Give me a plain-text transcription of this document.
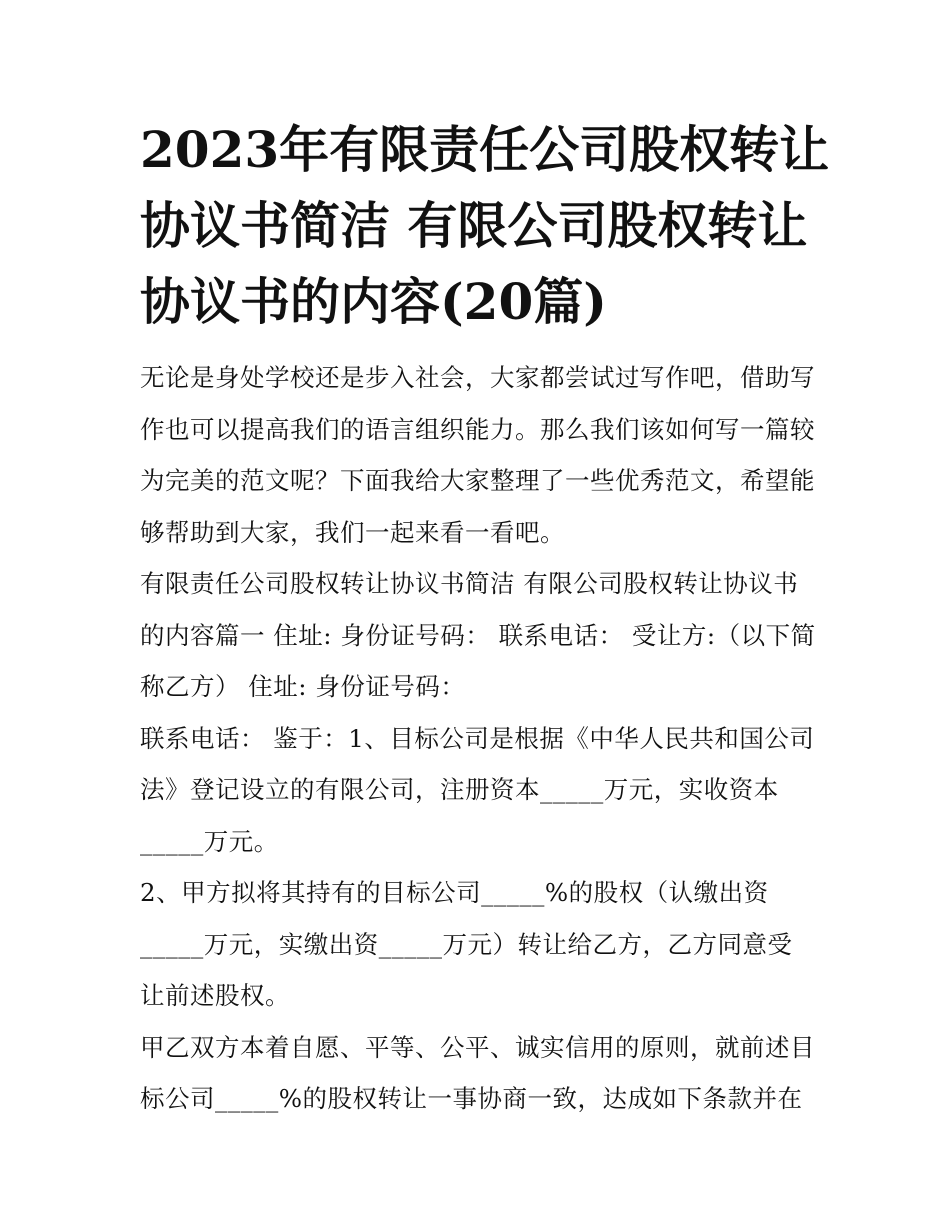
2023年有限责任公司股权转让
协议书简洁 有限公司股权转让
协议书的内容(20篇)

无论是身处学校还是步入社会，大家都尝试过写作吧，借助写
作也可以提高我们的语言组织能力。那么我们该如何写一篇较
为完美的范文呢？下面我给大家整理了一些优秀范文，希望能
够帮助到大家，我们一起来看一看吧。

有限责任公司股权转让协议书简洁 有限公司股权转让协议书
的内容篇一 住址: 身份证号码： 联系电话： 受让方:（以下简
称乙方） 住址: 身份证号码：

联系电话： 鉴于：1、目标公司是根据《中华人民共和国公司
法》登记设立的有限公司，注册资本_____万元，实收资本
_____万元。

2、甲方拟将其持有的目标公司_____%的股权（认缴出资
_____万元，实缴出资_____万元）转让给乙方，乙方同意受
让前述股权。

甲乙双方本着自愿、平等、公平、诚实信用的原则，就前述目
标公司_____%的股权转让一事协商一致，达成如下条款并在
